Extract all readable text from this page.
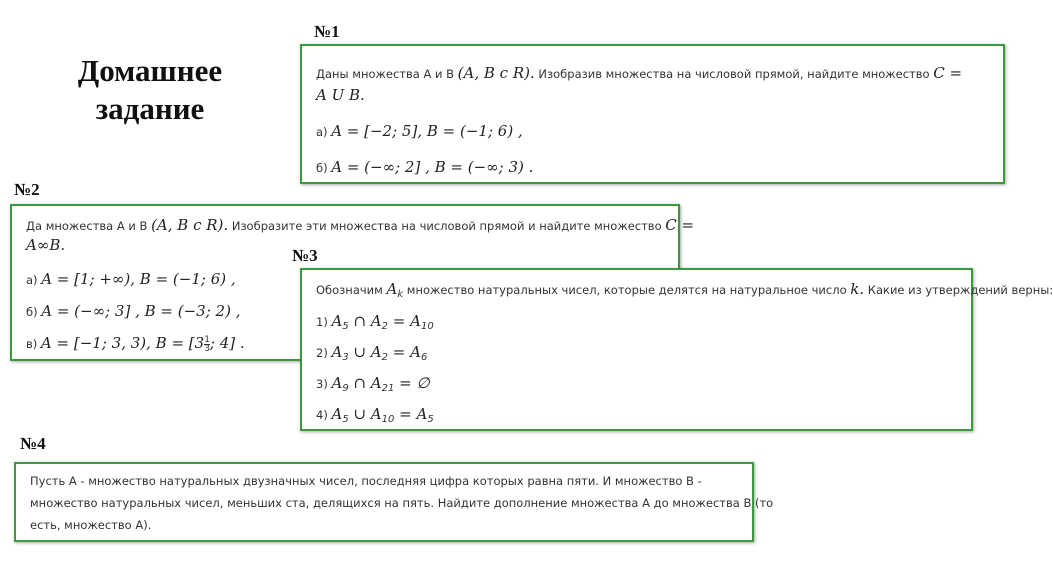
Домашнее
задание
№1
Даны множества A и B (A, B c R). Изобразив множества на числовой прямой, найдите множество C =
A U B.
а) A = [−2; 5], B = (−1; 6) ,
б) A = (−∞; 2] , B = (−∞; 3) .
№2
Да множества A и B (A, B c R). Изобразите эти множества на числовой прямой и найдите множество C =
A∞B.
а) A = [1; +∞), B = (−1; 6) ,
б) A = (−∞; 3] , B = (−3; 2) ,
в) A = [−1; 3, 3), $B = [3 \frac{1}{3}$ ; 4] .
№3
Обозначим Ak множество натуральных чисел, которые делятся на натуральное число k. Какие из утверждений верны:
1) A5 ∩ A2 = A10
2) A3 ∪ A2 = A6
3) A9 ∩ A21 = ∅
4) A5 ∪ A10 = A5
№4
Пусть A - множество натуральных двузначных чисел, последняя цифра которых равна пяти. И множество B -
множество натуральных чисел, меньших ста, делящихся на пять. Найдите дополнение множества A до множества B (то
есть, множество A).
